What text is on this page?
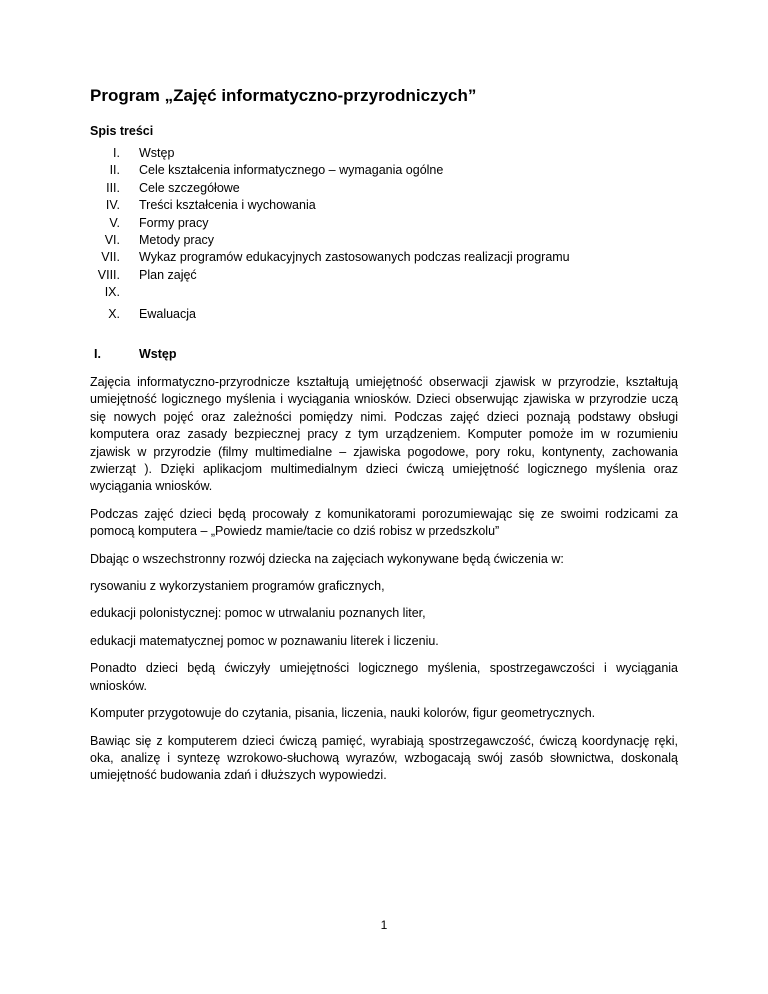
Program „Zajęć informatyczno-przyrodniczych”
Spis treści
I. Wstęp
II. Cele kształcenia informatycznego – wymagania ogólne
III. Cele szczegółowe
IV. Treści kształcenia i wychowania
V. Formy pracy
VI. Metody pracy
VII. Wykaz programów edukacyjnych zastosowanych podczas realizacji programu
VIII. Plan zajęć
IX.
X. Ewaluacja
I.	Wstęp

Zajęcia informatyczno-przyrodnicze kształtują umiejętność obserwacji zjawisk w przyrodzie, kształtują umiejętność logicznego myślenia i wyciągania wniosków. Dzieci obserwując zjawiska w przyrodzie uczą się nowych pojęć oraz zależności pomiędzy nimi. Podczas zajęć dzieci poznają podstawy obsługi komputera oraz zasady bezpiecznej pracy z tym urządzeniem. Komputer pomoże im w rozumieniu zjawisk w przyrodzie (filmy multimedialne – zjawiska pogodowe, pory roku, kontynenty, zachowania zwierząt ). Dzięki aplikacjom multimedialnym dzieci ćwiczą umiejętność logicznego myślenia oraz wyciągania wniosków.

Podczas zajęć dzieci będą procowały z komunikatorami porozumiewając się ze swoimi rodzicami za pomocą komputera – „Powiedz mamie/tacie co dziś robisz w przedszkolu”

Dbając o wszechstronny rozwój dziecka na zajęciach wykonywane będą ćwiczenia w:

rysowaniu z wykorzystaniem programów graficznych,

edukacji polonistycznej: pomoc w utrwalaniu poznanych liter,

edukacji matematycznej pomoc w poznawaniu literek i liczeniu.

Ponadto dzieci będą ćwiczyły umiejętności logicznego myślenia, spostrzegawczości i wyciągania wniosków.

Komputer przygotowuje do czytania, pisania, liczenia, nauki kolorów, figur geometrycznych.

Bawiąc się z komputerem dzieci ćwiczą pamięć, wyrabiają spostrzegawczość, ćwiczą koordynację ręki, oka, analizę i syntezę wzrokowo-słuchową wyrazów, wzbogacają swój zasób słownictwa, doskonalą umiejętność budowania zdań i dłuższych wypowiedzi.

1
